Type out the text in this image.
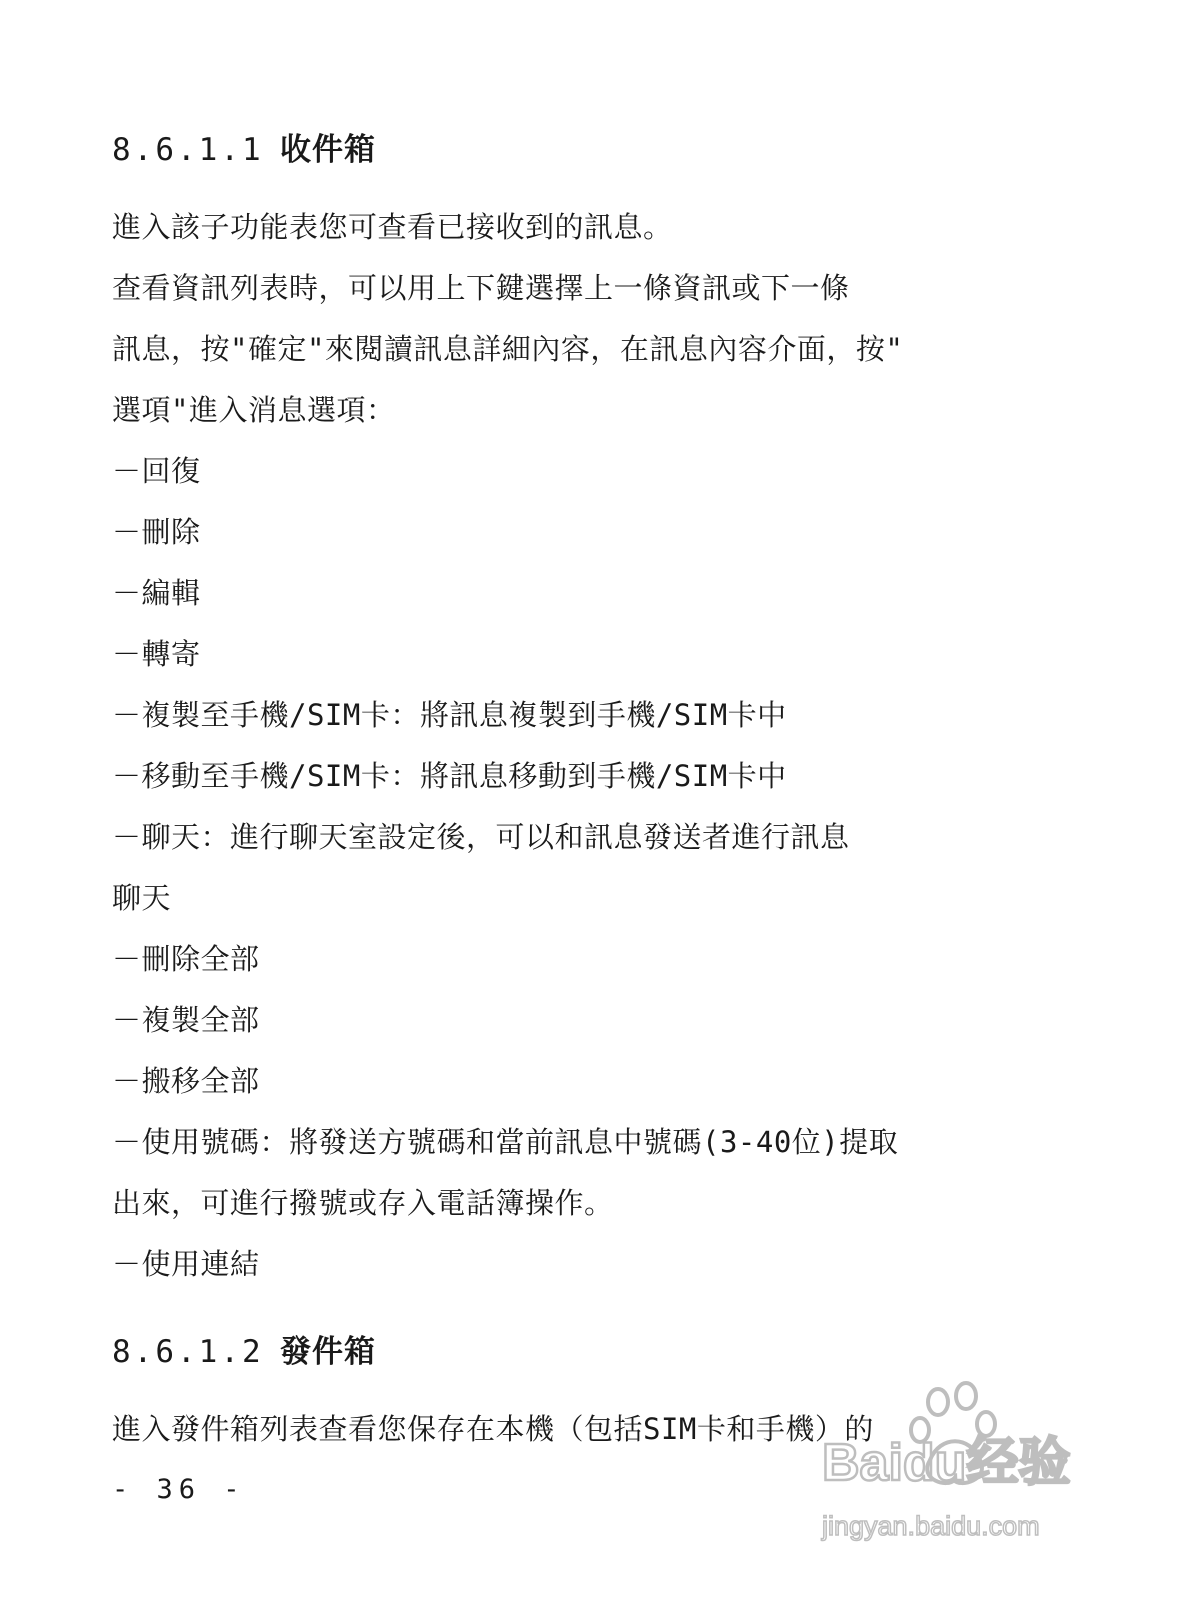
8.6.1.1 收件箱
進入該子功能表您可查看已接收到的訊息。
查看資訊列表時，可以用上下鍵選擇上一條資訊或下一條
訊息，按"確定"來閱讀訊息詳細內容，在訊息內容介面，按"
選項"進入消息選項：
－回復
－刪除
－編輯
－轉寄
－複製至手機/SIM卡：將訊息複製到手機/SIM卡中
－移動至手機/SIM卡：將訊息移動到手機/SIM卡中
－聊天：進行聊天室設定後，可以和訊息發送者進行訊息
聊天
－刪除全部
－複製全部
－搬移全部
－使用號碼：將發送方號碼和當前訊息中號碼(3-40位)提取
出來，可進行撥號或存入電話簿操作。
－使用連結
8.6.1.2 發件箱
進入發件箱列表查看您保存在本機（包括SIM卡和手機）的
- 36 -	Baidu经验
jingyan.baidu.com
